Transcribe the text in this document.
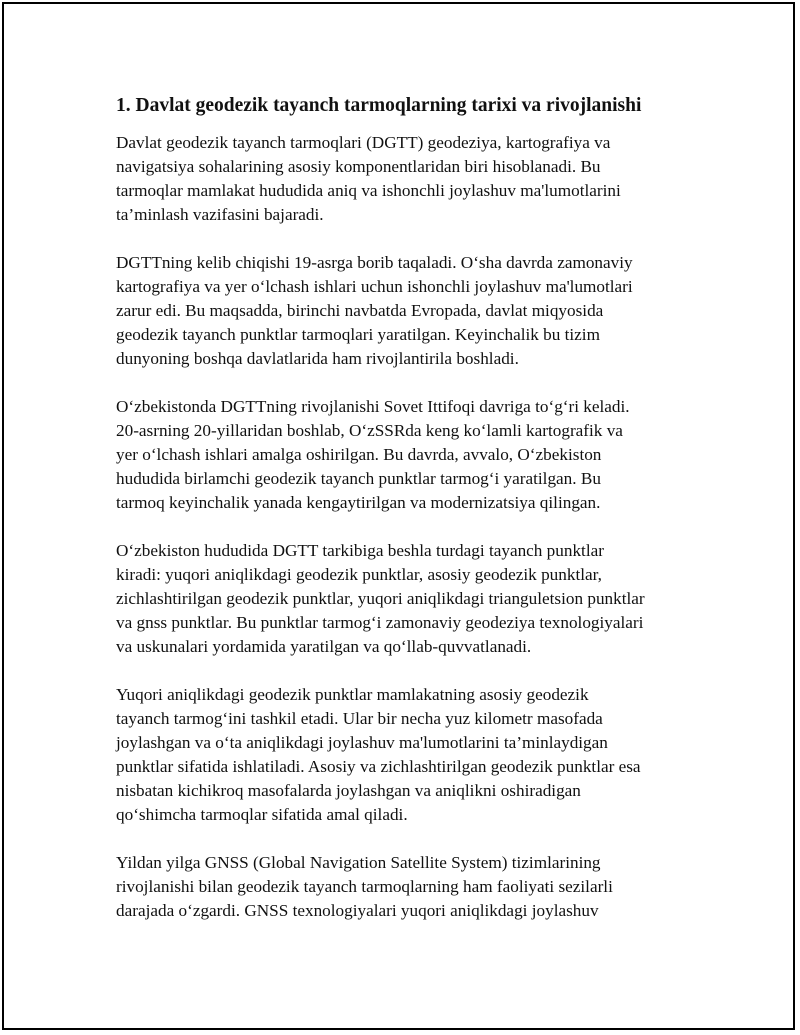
1. Davlat geodezik tayanch tarmoqlarning tarixi va rivojlanishi
Davlat geodezik tayanch tarmoqlari (DGTT) geodeziya, kartografiya va
navigatsiya sohalarining asosiy komponentlaridan biri hisoblanadi. Bu
tarmoqlar mamlakat hududida aniq va ishonchli joylashuv ma'lumotlarini
ta’minlash vazifasini bajaradi.
DGTTning kelib chiqishi 19-asrga borib taqaladi. O‘sha davrda zamonaviy
kartografiya va yer o‘lchash ishlari uchun ishonchli joylashuv ma'lumotlari
zarur edi. Bu maqsadda, birinchi navbatda Evropada, davlat miqyosida
geodezik tayanch punktlar tarmoqlari yaratilgan. Keyinchalik bu tizim
dunyoning boshqa davlatlarida ham rivojlantirila boshladi.
O‘zbekistonda DGTTning rivojlanishi Sovet Ittifoqi davriga to‘g‘ri keladi.
20-asrning 20-yillaridan boshlab, O‘zSSRda keng ko‘lamli kartografik va
yer o‘lchash ishlari amalga oshirilgan. Bu davrda, avvalo, O‘zbekiston
hududida birlamchi geodezik tayanch punktlar tarmog‘i yaratilgan. Bu
tarmoq keyinchalik yanada kengaytirilgan va modernizatsiya qilingan.
O‘zbekiston hududida DGTT tarkibiga beshla turdagi tayanch punktlar
kiradi: yuqori aniqlikdagi geodezik punktlar, asosiy geodezik punktlar,
zichlashtirilgan geodezik punktlar, yuqori aniqlikdagi trianguletsion punktlar
va gnss punktlar. Bu punktlar tarmog‘i zamonaviy geodeziya texnologiyalari
va uskunalari yordamida yaratilgan va qo‘llab-quvvatlanadi.
Yuqori aniqlikdagi geodezik punktlar mamlakatning asosiy geodezik
tayanch tarmog‘ini tashkil etadi. Ular bir necha yuz kilometr masofada
joylashgan va o‘ta aniqlikdagi joylashuv ma'lumotlarini ta’minlaydigan
punktlar sifatida ishlatiladi. Asosiy va zichlashtirilgan geodezik punktlar esa
nisbatan kichikroq masofalarda joylashgan va aniqlikni oshiradigan
qo‘shimcha tarmoqlar sifatida amal qiladi.
Yildan yilga GNSS (Global Navigation Satellite System) tizimlarining
rivojlanishi bilan geodezik tayanch tarmoqlarning ham faoliyati sezilarli
darajada o‘zgardi. GNSS texnologiyalari yuqori aniqlikdagi joylashuv
